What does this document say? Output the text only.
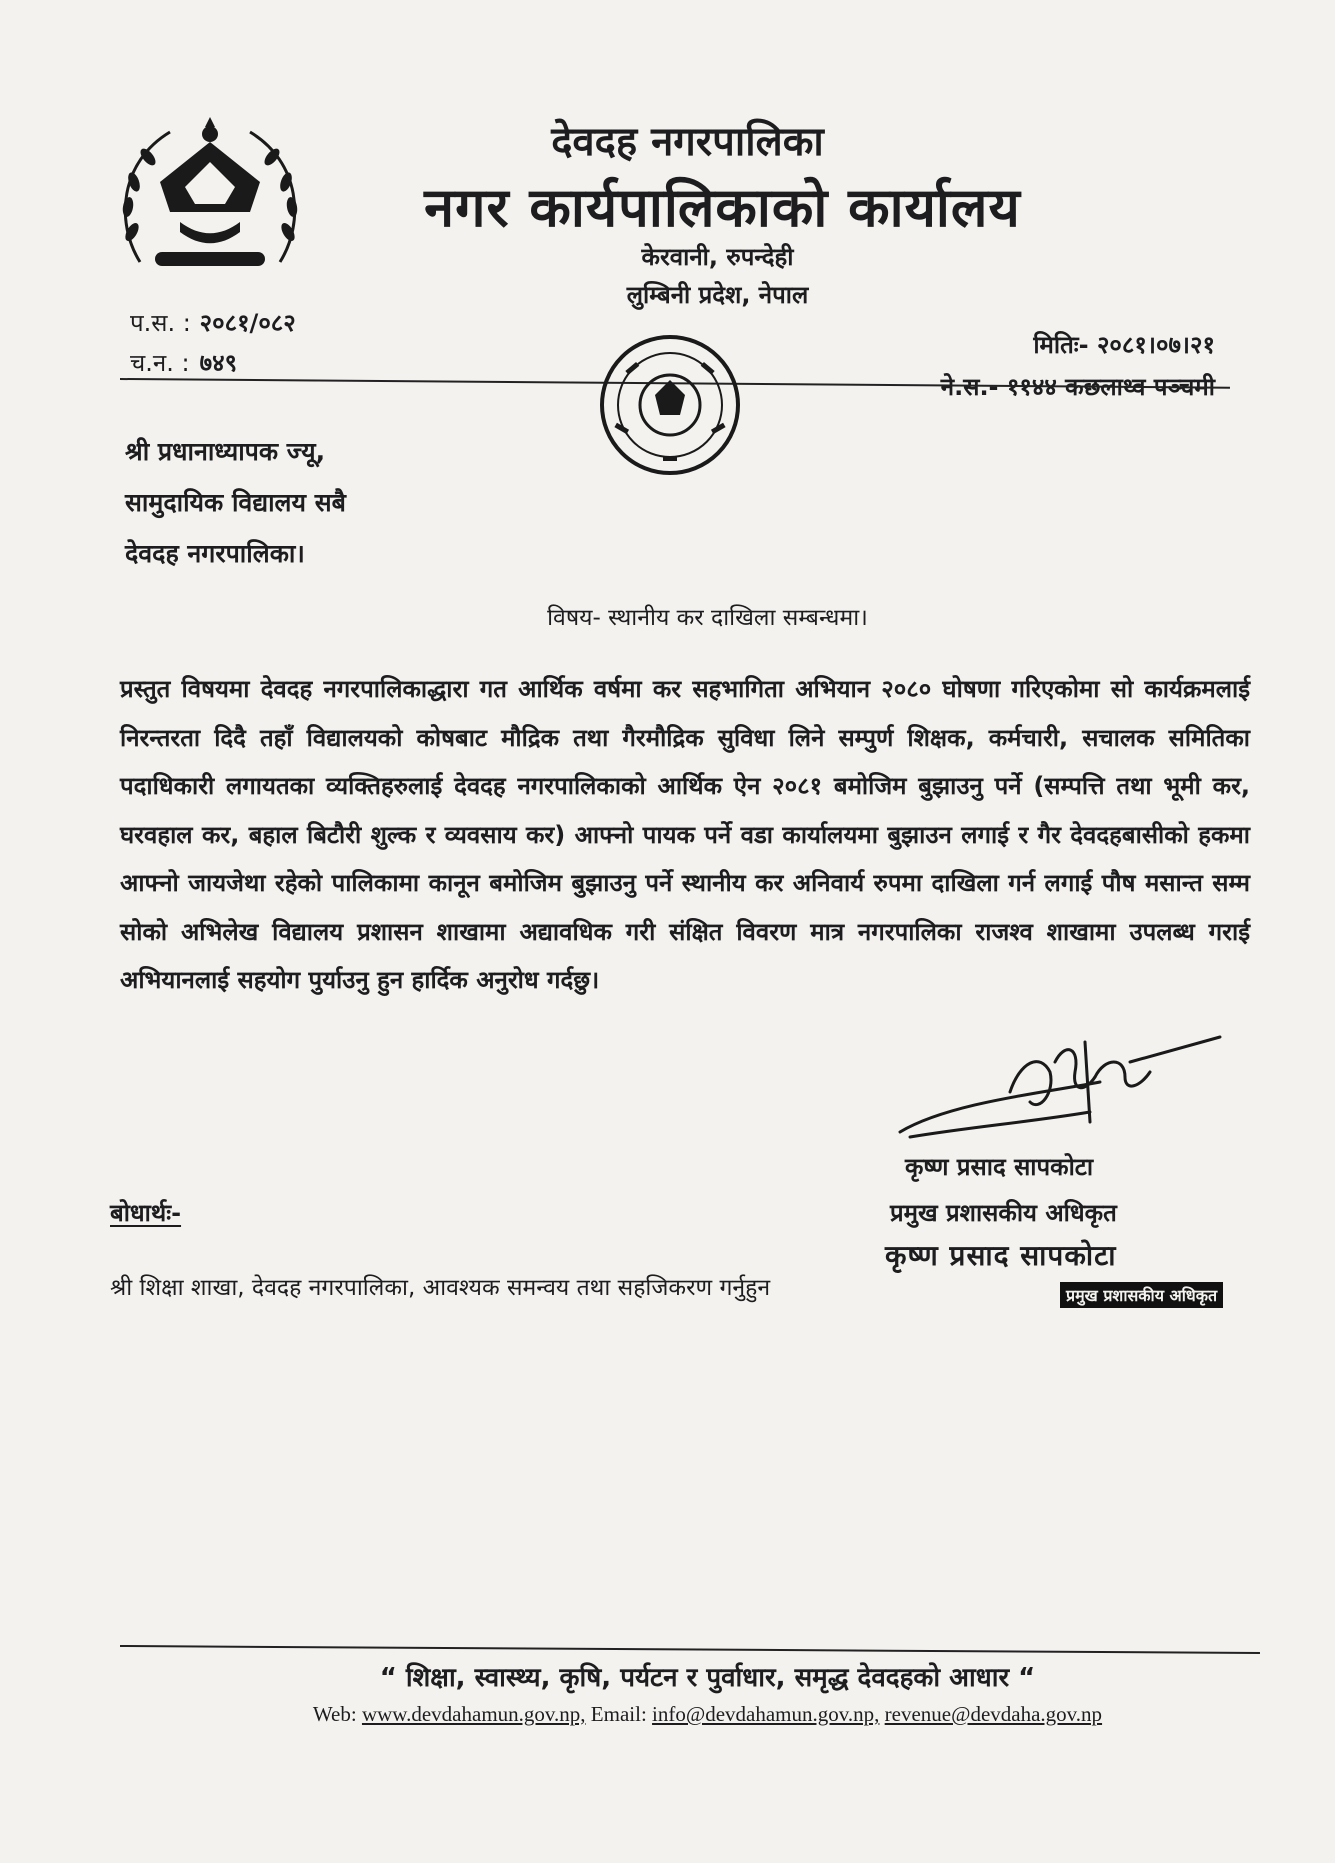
देवदह नगरपालिका
नगर कार्यपालिकाको कार्यालय
केरवानी, रुपन्देही
लुम्बिनी प्रदेश, नेपाल
प.स. : २०८१/०८२
च.न. : ७४९
मितिः- २०८१।०७।२१
ने.स.- ११४४ कछलाथ्व पञ्चमी
श्री प्रधानाध्यापक ज्यू,
सामुदायिक विद्यालय सबै
देवदह नगरपालिका।
विषय- स्थानीय कर दाखिला सम्बन्धमा।
प्रस्तुत विषयमा देवदह नगरपालिकाद्धारा गत आर्थिक वर्षमा कर सहभागिता अभियान २०८० घोषणा गरिएकोमा सो कार्यक्रमलाई निरन्तरता दिदै तहाँ विद्यालयको कोषबाट मौद्रिक तथा गैरमौद्रिक सुविधा लिने सम्पुर्ण शिक्षक, कर्मचारी, सचालक समितिका पदाधिकारी लगायतका व्यक्तिहरुलाई देवदह नगरपालिकाको आर्थिक ऐन २०८१ बमोजिम बुझाउनु पर्ने (सम्पत्ति तथा भूमी कर, घरवहाल कर, बहाल बिटौरी शुल्क र व्यवसाय कर) आफ्नो पायक पर्ने वडा कार्यालयमा बुझाउन लगाई र गैर देवदहबासीको हकमा आफ्नो जायजेथा रहेको पालिकामा कानून बमोजिम बुझाउनु पर्ने स्थानीय कर अनिवार्य रुपमा दाखिला गर्न लगाई पौष मसान्त सम्म सोको अभिलेख विद्यालय प्रशासन शाखामा अद्यावधिक गरी संक्षित विवरण मात्र नगरपालिका राजश्व शाखामा उपलब्ध गराई अभियानलाई सहयोग पुर्याउनु हुन हार्दिक अनुरोध गर्दछु।
कृष्ण प्रसाद सापकोटा
प्रमुख प्रशासकीय अधिकृत
कृष्ण प्रसाद सापकोटा
प्रमुख प्रशासकीय अधिकृत
बोधार्थः-
श्री शिक्षा शाखा, देवदह नगरपालिका, आवश्यक समन्वय तथा सहजिकरण गर्नुहुन
“ शिक्षा, स्वास्थ्य, कृषि, पर्यटन र पुर्वाधार, समृद्ध देवदहको आधार “
Web: www.devdahamun.gov.np, Email: info@devdahamun.gov.np, revenue@devdaha.gov.np
